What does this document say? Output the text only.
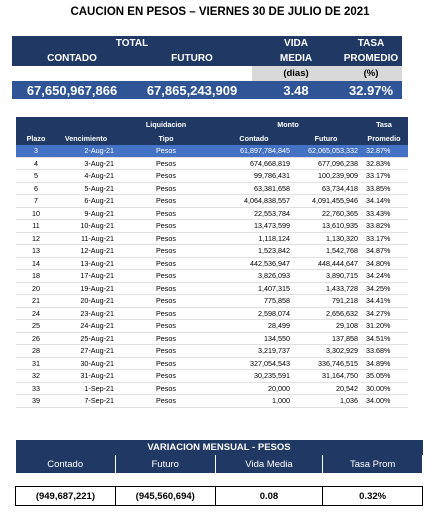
CAUCION EN PESOS – VIERNES 30 DE JULIO DE 2021
TOTAL		VIDA	TASA
CONTADO	FUTURO	MEDIA	PROMEDIO
		(dias)	(%)
67,650,967,866	67,865,243,909	3.48	32.97%
		Liquidacion	Monto		Tasa
Plazo	Vencimiento	Tipo	Contado	Futuro	Promedio
3	2-Aug-21	Pesos	61,897,784,845	62,065,053,332	32.87%
4	3-Aug-21	Pesos	674,668,819	677,096,238	32.83%
5	4-Aug-21	Pesos	99,786,431	100,239,909	33.17%
6	5-Aug-21	Pesos	63,381,658	63,734,418	33.85%
7	6-Aug-21	Pesos	4,064,838,557	4,091,455,946	34.14%
10	9-Aug-21	Pesos	22,553,784	22,760,365	33.43%
11	10-Aug-21	Pesos	13,473,599	13,610,935	33.82%
12	11-Aug-21	Pesos	1,118,124	1,130,320	33.17%
13	12-Aug-21	Pesos	1,523,842	1,542,768	34.87%
14	13-Aug-21	Pesos	442,536,947	448,444,647	34.80%
18	17-Aug-21	Pesos	3,826,093	3,890,715	34.24%
20	19-Aug-21	Pesos	1,407,315	1,433,728	34.25%
21	20-Aug-21	Pesos	775,858	791,218	34.41%
24	23-Aug-21	Pesos	2,598,074	2,656,632	34.27%
25	24-Aug-21	Pesos	28,499	29,108	31.20%
26	25-Aug-21	Pesos	134,550	137,858	34.51%
28	27-Aug-21	Pesos	3,219,737	3,302,929	33.68%
31	30-Aug-21	Pesos	327,054,543	336,746,515	34.89%
32	31-Aug-21	Pesos	30,235,591	31,164,750	35.05%
33	1-Sep-21	Pesos	20,000	20,542	30.00%
39	7-Sep-21	Pesos	1,000	1,036	34.00%
VARIACION MENSUAL - PESOS			
Contado	Futuro	Vida Media	Tasa Prom

(949,687,221)	(945,560,694)	0.08	0.32%
